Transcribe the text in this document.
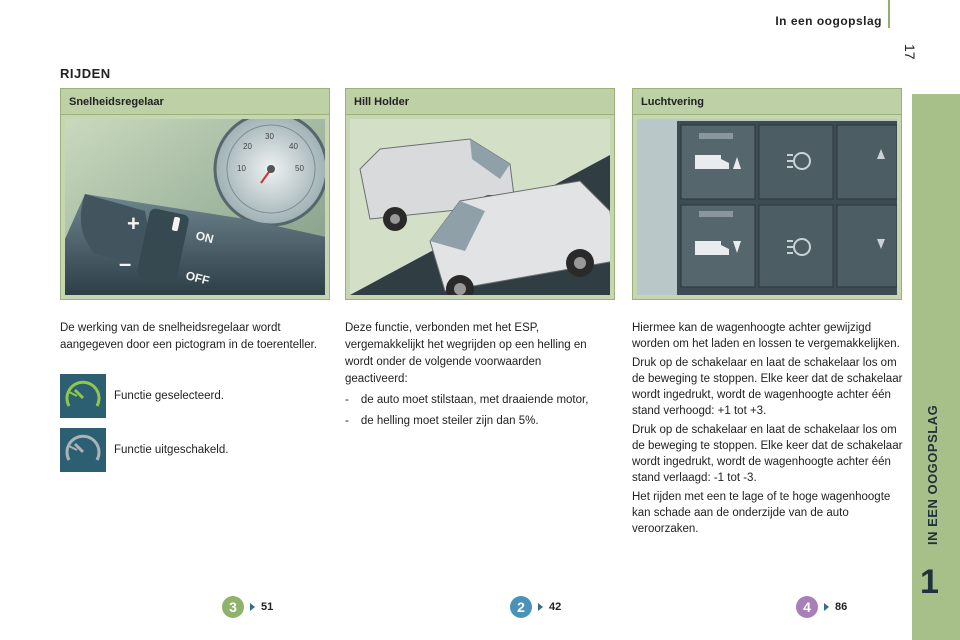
In een oogopslag
17
IN EEN OOGOPSLAG
1
RIJDEN
Snelheidsregelaar
10
20
30
40
50
+
–
ON
OFF
Hill Holder	Luchtvering
De werking van de snelheidsregelaar wordt aangegeven door een pictogram in de toerenteller.
Functie geselecteerd.
Functie uitgeschakeld.
Deze functie, verbonden met het ESP, vergemakkelijkt het wegrijden op een helling en wordt onder de volgende voorwaarden geactiveerd:
- de auto moet stilstaan, met draaiende motor,
- de helling moet steiler zijn dan 5%.
Hiermee kan de wagenhoogte achter gewijzigd worden om het laden en lossen te vergemakkelijken.
Druk op de schakelaar en laat de schakelaar los om de beweging te stoppen. Elke keer dat de schakelaar wordt ingedrukt, wordt de wagenhoogte achter één stand verhoogd: +1 tot +3.
Druk op de schakelaar en laat de schakelaar los om de beweging te stoppen. Elke keer dat de schakelaar wordt ingedrukt, wordt de wagenhoogte achter één stand verlaagd: -1 tot -3.
Het rijden met een te lage of te hoge wagenhoogte kan schade aan de onderzijde van de auto veroorzaken.
3	51	2	42	4	86
